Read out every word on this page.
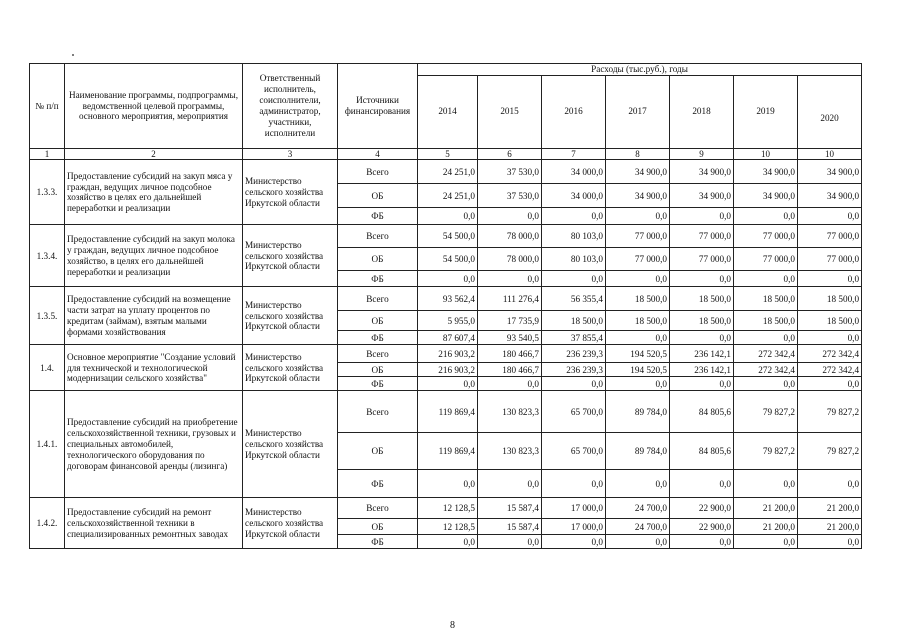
№ п/п	Наименование программы, подпрограммы, ведомственной целевой программы, основного мероприятия, мероприятия	Ответственный исполнитель, соисполнители, администратор, участники, исполнители	Источники финансирования	Расходы (тыс.руб.), годы						
				2014	2015	2016	2017	2018	2019	2020
1	2	3	4	5	6	7	8	9	10	10
1.3.3.	Предоставление субсидий на закуп мяса у граждан, ведущих личное подсобное хозяйство в целях его дальнейшей переработки и реализации	Министерство сельского хозяйства Иркутской области	Всего	24 251,0	37 530,0	34 000,0	34 900,0	34 900,0	34 900,0	34 900,0
			ОБ	24 251,0	37 530,0	34 000,0	34 900,0	34 900,0	34 900,0	34 900,0
			ФБ	0,0	0,0	0,0	0,0	0,0	0,0	0,0
1.3.4.	Предоставление субсидий на закуп молока у граждан, ведущих личное подсобное хозяйство, в целях его дальнейшей переработки и реализации	Министерство сельского хозяйства Иркутской области	Всего	54 500,0	78 000,0	80 103,0	77 000,0	77 000,0	77 000,0	77 000,0
			ОБ	54 500,0	78 000,0	80 103,0	77 000,0	77 000,0	77 000,0	77 000,0
			ФБ	0,0	0,0	0,0	0,0	0,0	0,0	0,0
1.3.5.	Предоставление субсидий на возмещение части затрат на уплату процентов по кредитам (займам), взятым малыми формами хозяйствования	Министерство сельского хозяйства Иркутской области	Всего	93 562,4	111 276,4	56 355,4	18 500,0	18 500,0	18 500,0	18 500,0
			ОБ	5 955,0	17 735,9	18 500,0	18 500,0	18 500,0	18 500,0	18 500,0
			ФБ	87 607,4	93 540,5	37 855,4	0,0	0,0	0,0	0,0
1.4.	Основное мероприятие "Создание условий для технической и технологической модернизации сельского хозяйства"	Министерство сельского хозяйства Иркутской области	Всего	216 903,2	180 466,7	236 239,3	194 520,5	236 142,1	272 342,4	272 342,4
			ОБ	216 903,2	180 466,7	236 239,3	194 520,5	236 142,1	272 342,4	272 342,4
			ФБ	0,0	0,0	0,0	0,0	0,0	0,0	0,0
1.4.1.	Предоставление субсидий на приобретение сельскохозяйственной техники, грузовых и специальных автомобилей, технологического оборудования по договорам финансовой аренды (лизинга)	Министерство сельского хозяйства Иркутской области	Всего	119 869,4	130 823,3	65 700,0	89 784,0	84 805,6	79 827,2	79 827,2
			ОБ	119 869,4	130 823,3	65 700,0	89 784,0	84 805,6	79 827,2	79 827,2
			ФБ	0,0	0,0	0,0	0,0	0,0	0,0	0,0
1.4.2.	Предоставление субсидий на ремонт сельскохозяйственной техники в специализированных ремонтных заводах	Министерство сельского хозяйства Иркутской области	Всего	12 128,5	15 587,4	17 000,0	24 700,0	22 900,0	21 200,0	21 200,0
			ОБ	12 128,5	15 587,4	17 000,0	24 700,0	22 900,0	21 200,0	21 200,0
			ФБ	0,0	0,0	0,0	0,0	0,0	0,0	0,0
8
